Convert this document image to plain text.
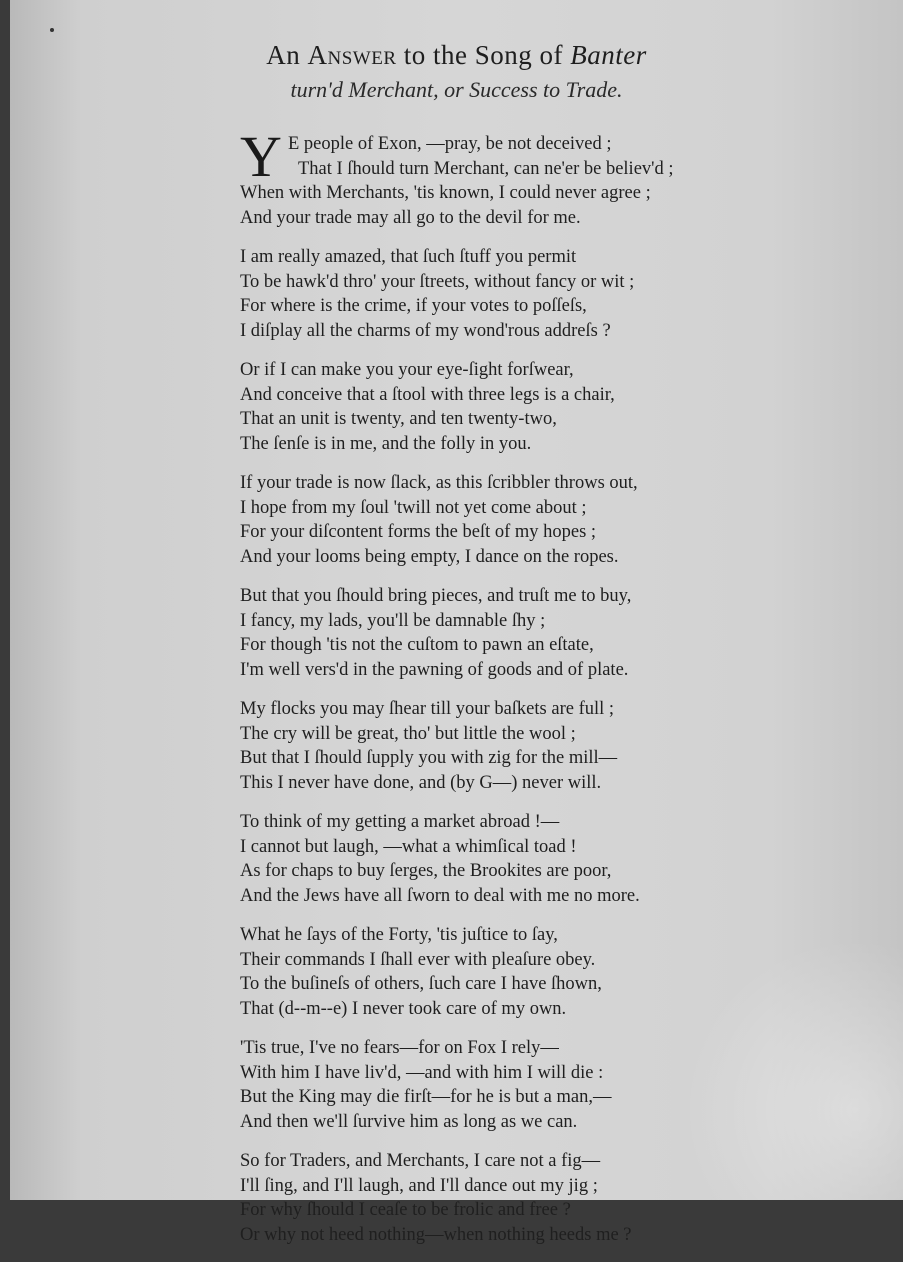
An Answer to the Song of Banter
turn'd Merchant, or Success to Trade.
Y E people of Exon, —pray, be not deceived ;
That I ſhould turn Merchant, can ne'er be believ'd ;
When with Merchants, 'tis known, I could never agree ;
And your trade may all go to the devil for me.
I am really amazed, that ſuch ſtuff you permit
To be hawk'd thro' your ſtreets, without fancy or wit ;
For where is the crime, if your votes to poſſeſs,
I diſplay all the charms of my wond'rous addreſs ?
Or if I can make you your eye-ſight forſwear,
And conceive that a ſtool with three legs is a chair,
That an unit is twenty, and ten twenty-two,
The ſenſe is in me, and the folly in you.
If your trade is now ſlack, as this ſcribbler throws out,
I hope from my ſoul 'twill not yet come about ;
For your diſcontent forms the beſt of my hopes ;
And your looms being empty, I dance on the ropes.
But that you ſhould bring pieces, and truſt me to buy,
I fancy, my lads, you'll be damnable ſhy ;
For though 'tis not the cuſtom to pawn an eſtate,
I'm well vers'd in the pawning of goods and of plate.
My flocks you may ſhear till your baſkets are full ;
The cry will be great, tho' but little the wool ;
But that I ſhould ſupply you with zig for the mill—
This I never have done, and (by G—) never will.
To think of my getting a market abroad !—
I cannot but laugh, —what a whimſical toad !
As for chaps to buy ſerges, the Brookites are poor,
And the Jews have all ſworn to deal with me no more.
What he ſays of the Forty, 'tis juſtice to ſay,
Their commands I ſhall ever with pleaſure obey.
To the buſineſs of others, ſuch care I have ſhown,
That (d--m--e) I never took care of my own.
'Tis true, I've no fears—for on Fox I rely—
With him I have liv'd, —and with him I will die :
But the King may die firſt—for he is but a man,—
And then we'll ſurvive him as long as we can.
So for Traders, and Merchants, I care not a fig—
I'll ſing, and I'll laugh, and I'll dance out my jig ;
For why ſhould I ceaſe to be frolic and free ?
Or why not heed nothing—when nothing heeds me ?
